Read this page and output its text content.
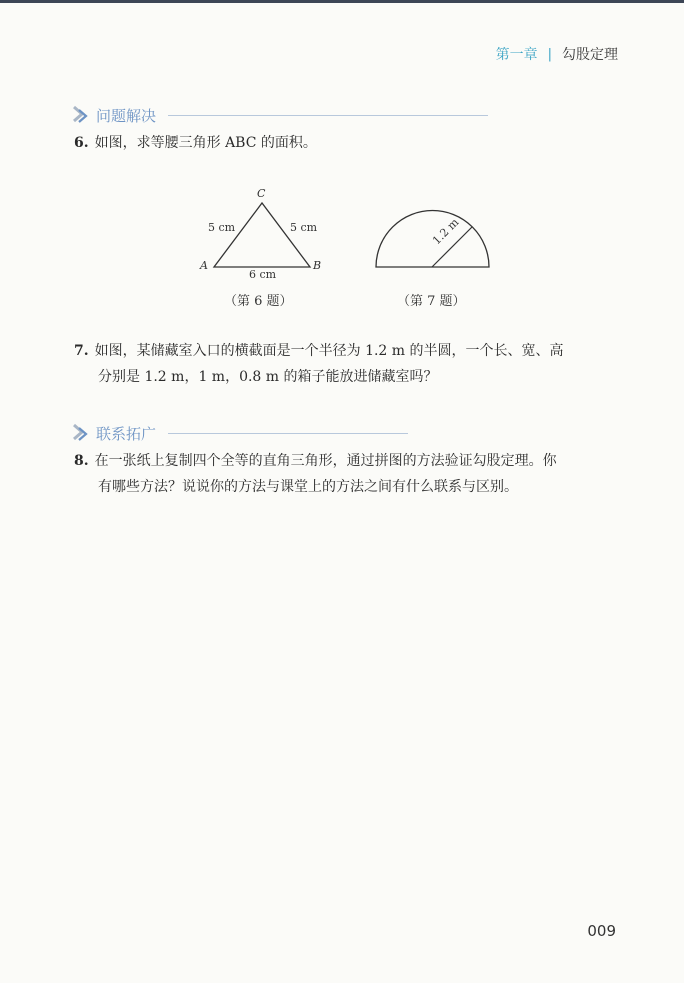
第一章 | 勾股定理
问题解决
6. 如图，求等腰三角形 ABC 的面积。
C
A	B
5 cm	5 cm
6 cm
1.2 m
（第 6 题）	（第 7 题）
7. 如图，某储藏室入口的横截面是一个半径为 1.2 m 的半圆，一个长、宽、高
分别是 1.2 m，1 m，0.8 m 的箱子能放进储藏室吗？
联系拓广
8. 在一张纸上复制四个全等的直角三角形，通过拼图的方法验证勾股定理。你
有哪些方法？说说你的方法与课堂上的方法之间有什么联系与区别。
009
